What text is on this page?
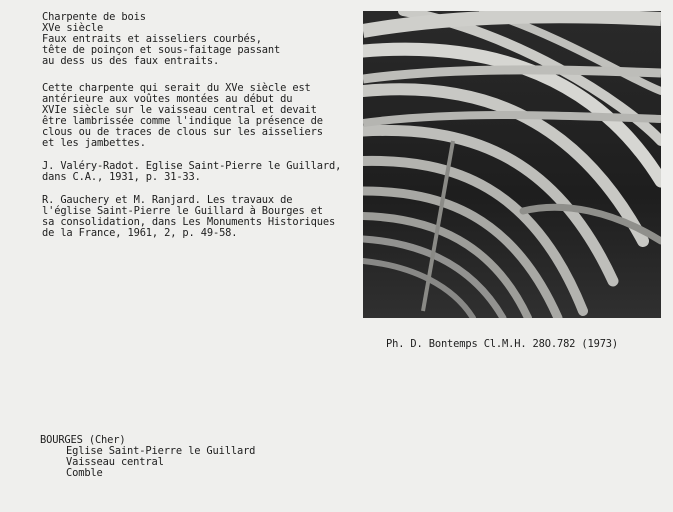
Charpente de bois
XVe siècle
Faux entraits et aisseliers courbés,
tête de poinçon et sous-faitage passant
au dess us des faux entraits.
Cette charpente qui serait du XVe siècle est
antérieure aux voûtes montées au début du
XVIe siècle sur le vaisseau central et devait
être lambrissée comme l'indique la présence de
clous ou de traces de clous sur les aisseliers
et les jambettes.
J. Valéry-Radot. Eglise Saint-Pierre le Guillard,
dans C.A., 1931, p. 31-33.
R. Gauchery et M. Ranjard. Les travaux de
l'église Saint-Pierre le Guillard à Bourges et
sa consolidation, dans Les Monuments Historiques
de la France, 1961, 2, p. 49-58.
Ph. D. Bontemps Cl.M.H. 28O.782 (1973)
BOURGES (Cher)
Eglise Saint-Pierre le Guillard
Vaisseau central
Comble
